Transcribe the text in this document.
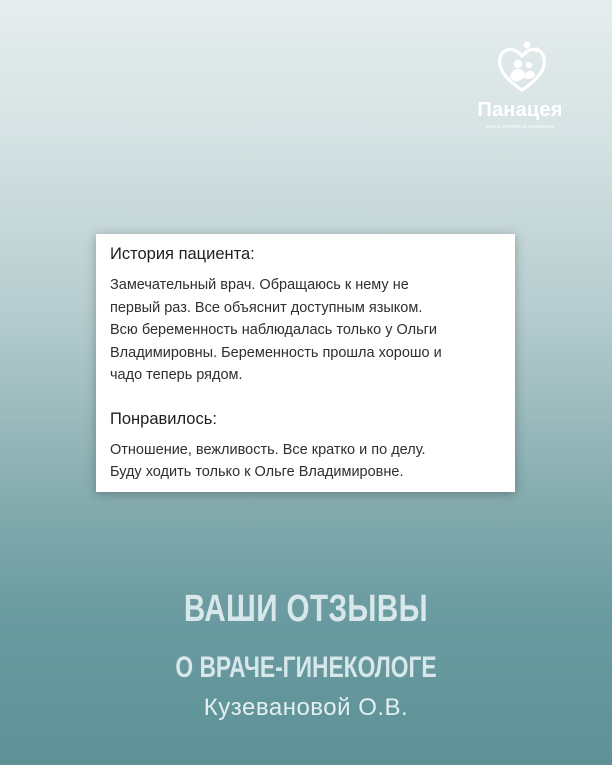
Панацея
центр семейной медицины
История пациента:

Замечательный врач. Обращаюсь к нему не

первый раз. Все объяснит доступным языком.

Всю беременность наблюдалась только у Ольги

Владимировны. Беременность прошла хорошо и

чадо теперь рядом.

Понравилось:

Отношение, вежливость. Все кратко и по делу.

Буду ходить только к Ольге Владимировне.

ВАШИ ОТЗЫВЫ
О ВРАЧЕ-ГИНЕКОЛОГЕ
Кузевановой О.В.
